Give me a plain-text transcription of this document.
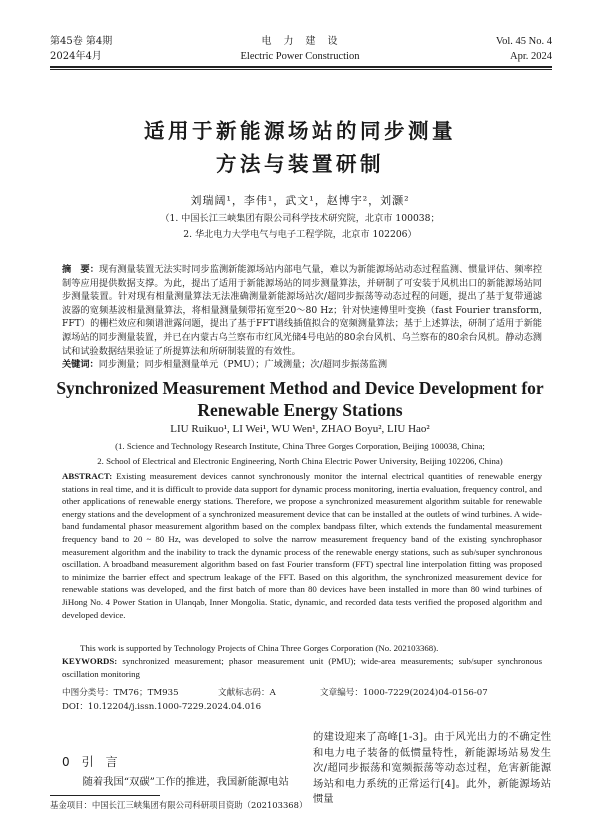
第45卷 第4期
2024年4月
电　力　建　设
Electric Power Construction
Vol. 45 No. 4
Apr. 2024
适用于新能源场站的同步测量
方法与装置研制
刘瑞阔¹，李伟¹，武文¹，赵博宇²，刘灏²
（1. 中国长江三峡集团有限公司科学技术研究院，北京市 100038；
2. 华北电力大学电气与电子工程学院，北京市 102206）
摘　要：现有测量装置无法实时同步监测新能源场站内部电气量，难以为新能源场站动态过程监测、惯量评估、频率控制等应用提供数据支撑。为此，提出了适用于新能源场站的同步测量算法，并研制了可安装于风机出口的新能源场站同步测量装置。针对现有相量测量算法无法准确测量新能源场站次/超同步振荡等动态过程的问题，提出了基于复带通滤波器的宽频基波相量测量算法，将相量测量频带拓宽至20～80 Hz；针对快速傅里叶变换（fast Fourier transform, FFT）的栅栏效应和频谱泄露问题，提出了基于FFT谱线插值拟合的宽频测量算法；基于上述算法，研制了适用于新能源场站的同步测量装置，并已在内蒙古乌兰察布市红风光储4号电站的80余台风机、乌兰察布的80余台风机。静动态测试和试验数据结果验证了所提算法和所研制装置的有效性。
关键词：同步测量；同步相量测量单元（PMU）；广域测量；次/超同步振荡监测
Synchronized Measurement Method and Device Development for
Renewable Energy Stations
LIU Ruikuo¹, LI Wei¹, WU Wen¹, ZHAO Boyu², LIU Hao²
(1. Science and Technology Research Institute, China Three Gorges Corporation, Beijing 100038, China;
2. School of Electrical and Electronic Engineering, North China Electric Power University, Beijing 102206, China)
ABSTRACT: Existing measurement devices cannot synchronously monitor the internal electrical quantities of renewable energy stations in real time, and it is difficult to provide data support for dynamic process monitoring, inertia evaluation, frequency control, and other applications of renewable energy stations. Therefore, we propose a synchronized measurement algorithm suitable for renewable energy stations and the development of a synchronized measurement device that can be installed at the outlets of wind turbines. A wide-band fundamental phasor measurement algorithm based on the complex bandpass filter, which extends the fundamental measurement frequency band to 20 ~ 80 Hz, was developed to solve the narrow measurement frequency band of the existing synchrophasor measurement algorithm and the inability to track the dynamic process of the renewable energy stations, such as sub/super synchronous oscillation. A broadband measurement algorithm based on fast Fourier transform (FFT) spectral line interpolation fitting was proposed to minimize the barrier effect and spectrum leakage of the FFT. Based on this algorithm, the synchronized measurement device for renewable stations was developed, and the first batch of more than 80 devices have been installed in more than 80 wind turbines of JiHong No. 4 Power Station in Ulanqab, Inner Mongolia. Static, dynamic, and recorded data tests verified the proposed algorithm and developed device.
This work is supported by Technology Projects of China Three Gorges Corporation (No. 202103368).
KEYWORDS: synchronized measurement; phasor measurement unit (PMU); wide-area measurements; sub/super synchronous oscillation monitoring
中图分类号：TM76；TM935	文献标志码：A	文章编号：1000-7229(2024)04-0156-07
DOI：10.12204/j.issn.1000-7229.2024.04.016
0　引　言
随着我国“双碳”工作的推进，我国新能源电站
的建设迎来了高峰[1-3]。由于风光出力的不确定性和电力电子装备的低惯量特性，新能源场站易发生次/超同步振荡和宽频振荡等动态过程，危害新能源场站和电力系统的正常运行[4]。此外，新能源场站惯量
基金项目：中国长江三峡集团有限公司科研项目资助（202103368）
